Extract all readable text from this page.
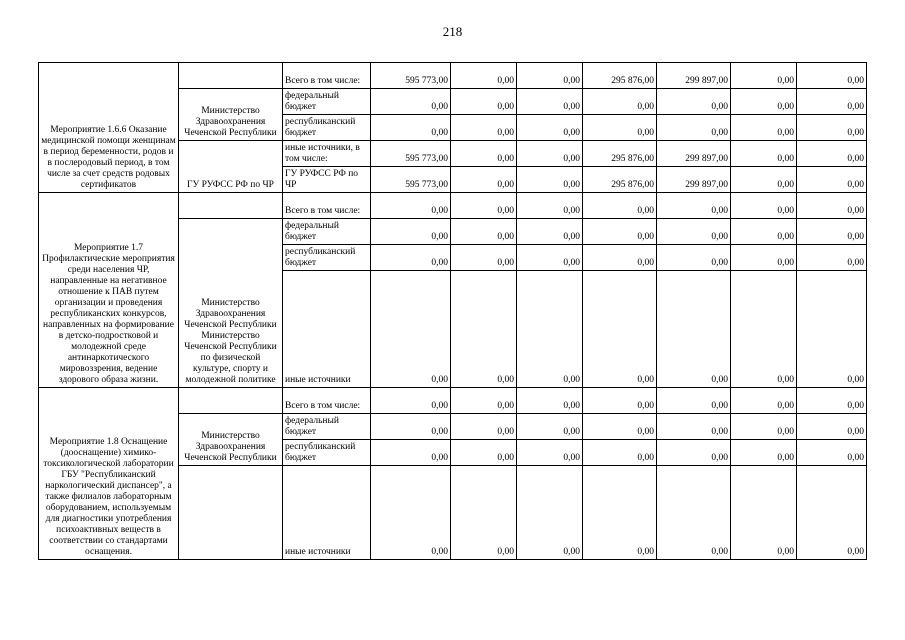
218
Мероприятие 1.6.6 Оказание медицинской помощи женщинам в период беременности, родов и в послеродовый период, в том числе за счет средств родовых сертификатов		Всего в том числе:	595 773,00	0,00	0,00	295 876,00	299 897,00	0,00	0,00
	Министерство Здравоохранения Чеченской Республики	федеральный бюджет	0,00	0,00	0,00	0,00	0,00	0,00	0,00
		республиканский бюджет	0,00	0,00	0,00	0,00	0,00	0,00	0,00
	ГУ РУФСС РФ по ЧР	иные источники, в том числе:	595 773,00	0,00	0,00	295 876,00	299 897,00	0,00	0,00
		ГУ РУФСС РФ по ЧР	595 773,00	0,00	0,00	295 876,00	299 897,00	0,00	0,00
Мероприятие 1.7 Профилактические мероприятия среди населения ЧР, направленные на негативное отношение к ПАВ путем организации и проведения республиканских конкурсов, направленных на формирование в детско-подростковой и молодежной среде антинаркотического мировоззрения, ведение здорового образа жизни.		Всего в том числе:	0,00	0,00	0,00	0,00	0,00	0,00	0,00
	Министерство Здравоохранения Чеченской Республики Министерство Чеченской Республики по физической культуре, спорту и молодежной политике	федеральный бюджет	0,00	0,00	0,00	0,00	0,00	0,00	0,00
		республиканский бюджет	0,00	0,00	0,00	0,00	0,00	0,00	0,00
		иные источники	0,00	0,00	0,00	0,00	0,00	0,00	0,00
Мероприятие 1.8 Оснащение (дооснащение) химико-токсикологической лаборатории ГБУ "Республиканский наркологический диспансер", а также филиалов лабораторным оборудованием, используемым для диагностики употребления психоактивных веществ в соответствии со стандартами оснащения.		Всего в том числе:	0,00	0,00	0,00	0,00	0,00	0,00	0,00
	Министерство Здравоохранения Чеченской Республики	федеральный бюджет	0,00	0,00	0,00	0,00	0,00	0,00	0,00
		республиканский бюджет	0,00	0,00	0,00	0,00	0,00	0,00	0,00
		иные источники	0,00	0,00	0,00	0,00	0,00	0,00	0,00
